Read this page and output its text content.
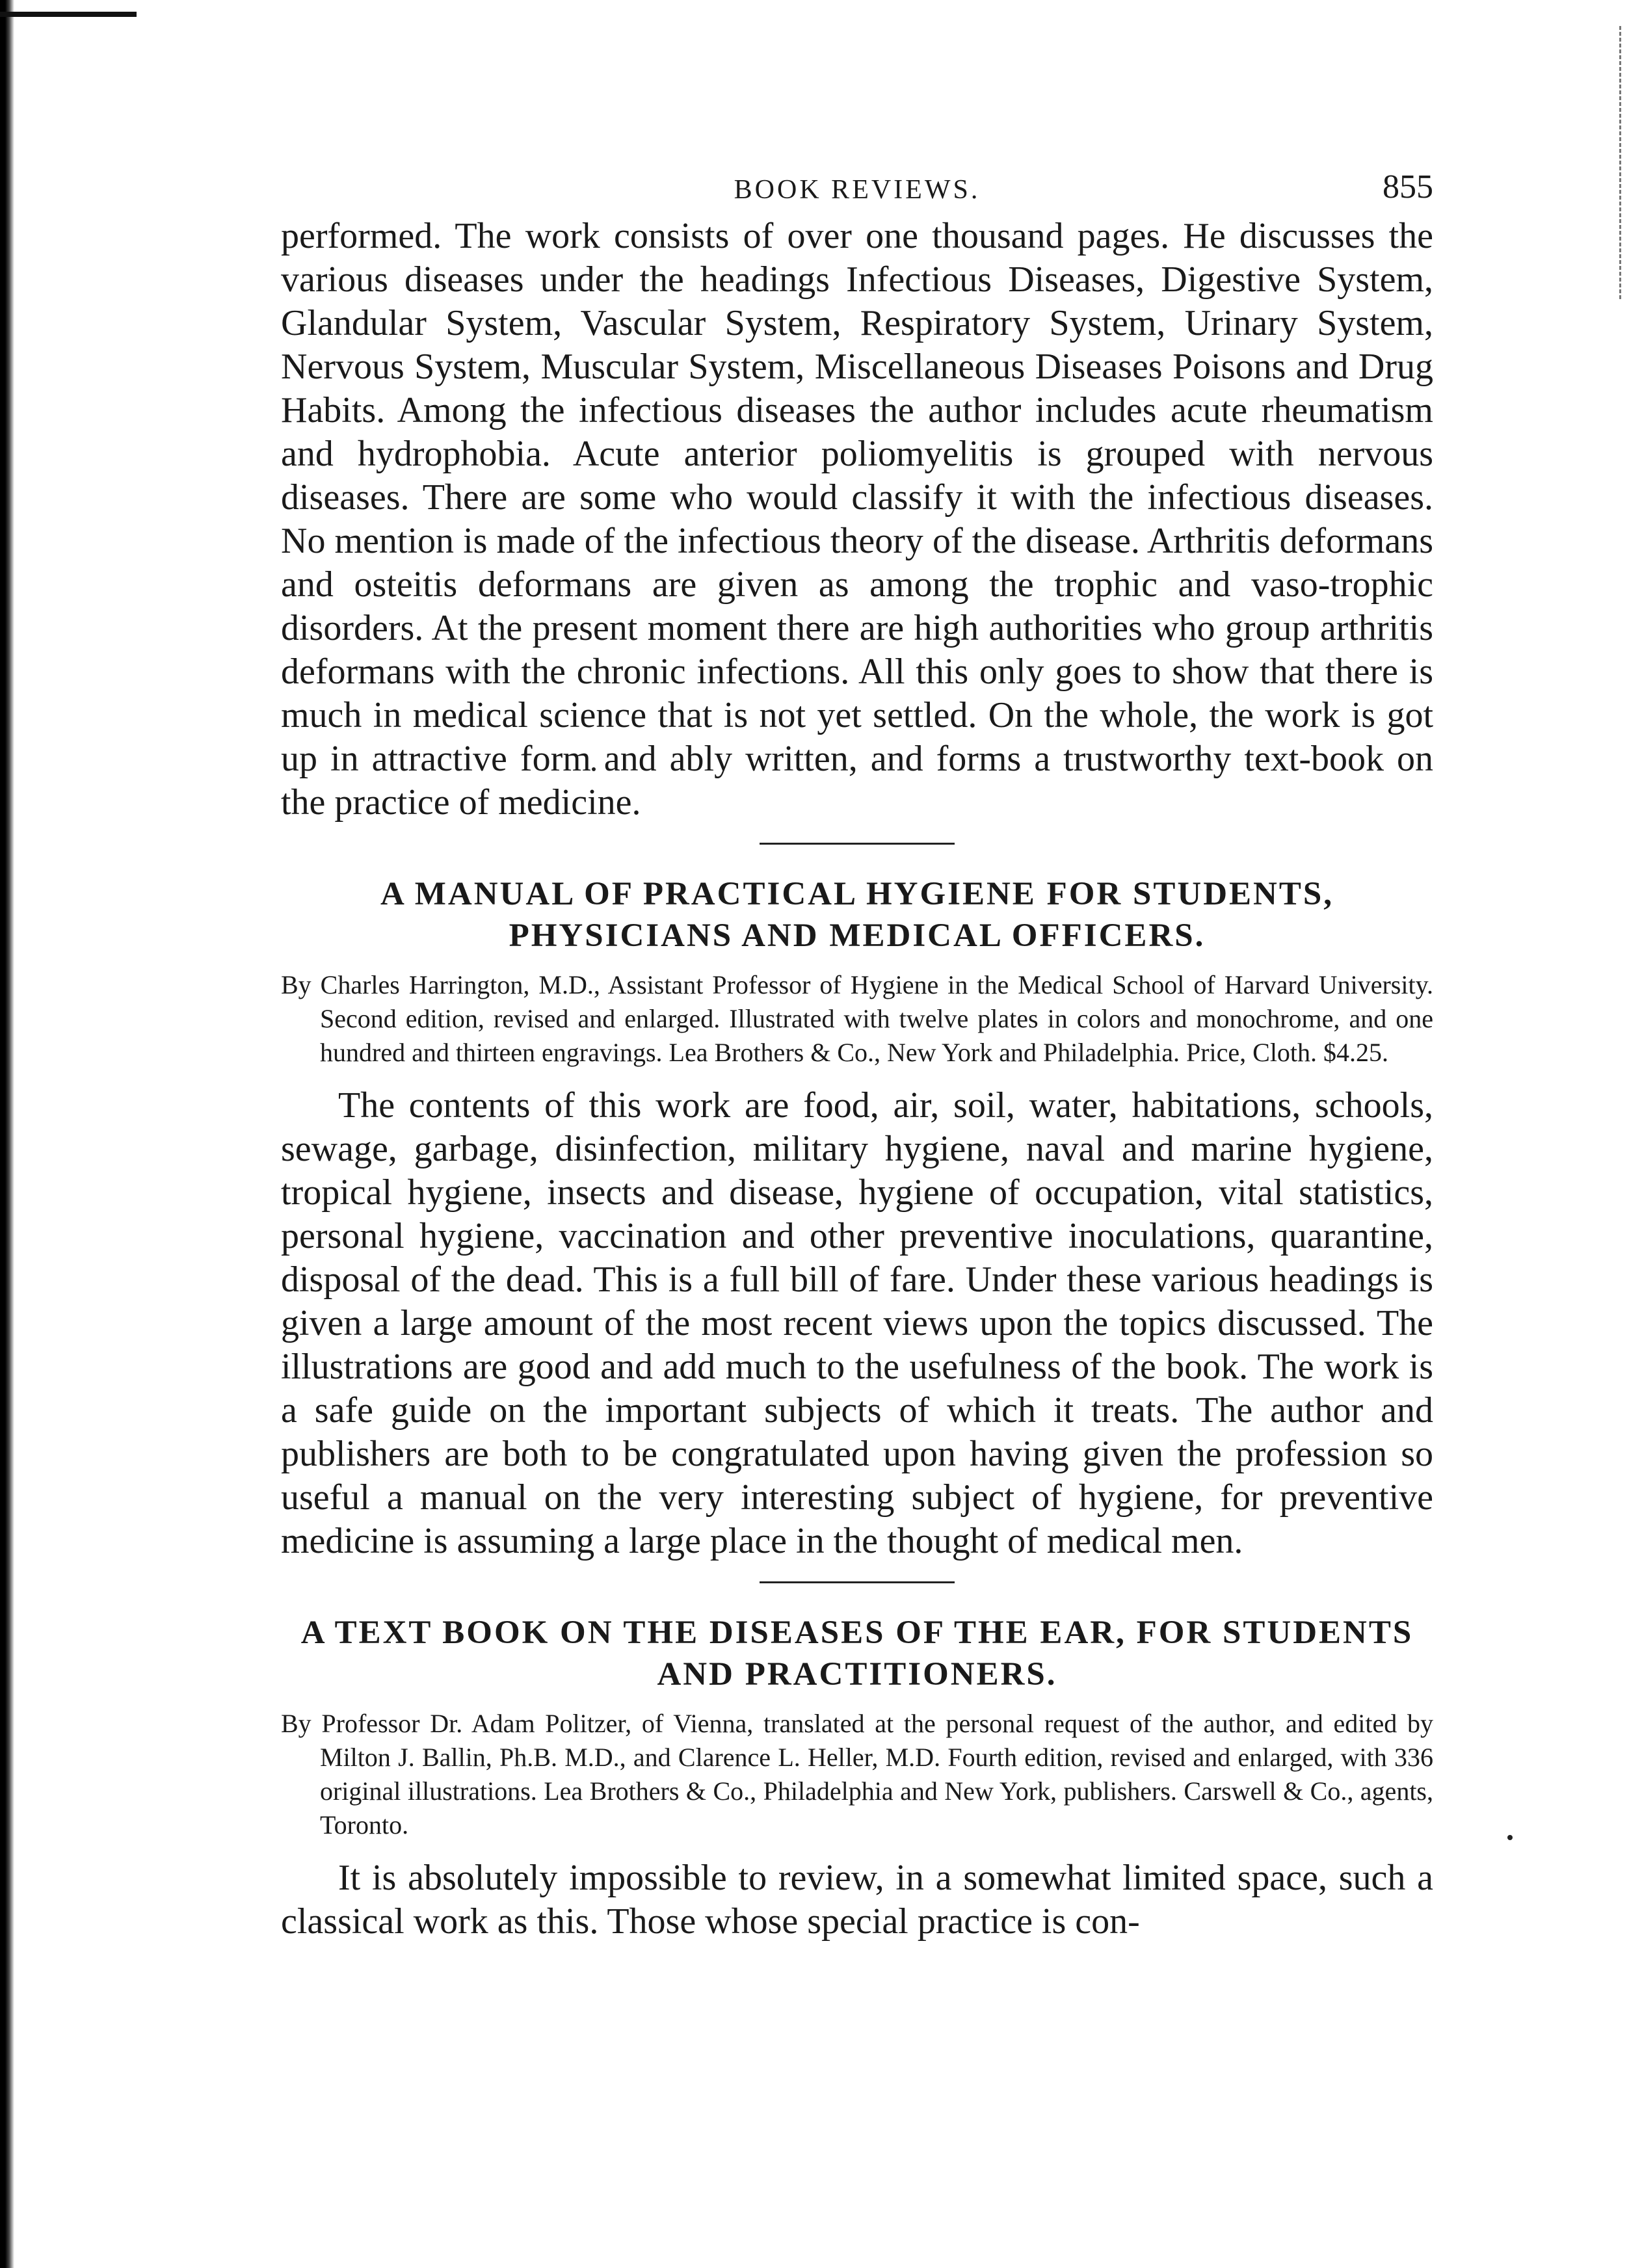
BOOK REVIEWS.	855

performed. The work consists of over one thousand pages. He discusses the various diseases under the headings Infectious Diseases, Digestive System, Glandular System, Vascular System, Respiratory System, Urinary System, Nervous System, Muscular System, Miscellaneous Diseases Poisons and Drug Habits. Among the infectious diseases the author includes acute rheumatism and hydrophobia. Acute anterior poliomyelitis is grouped with nervous diseases. There are some who would classify it with the infectious diseases. No mention is made of the infectious theory of the disease. Arthritis deformans and osteitis deformans are given as among the trophic and vaso-trophic disorders. At the present moment there are high authorities who group arthritis deformans with the chronic infections. All this only goes to show that there is much in medical science that is not yet settled. On the whole, the work is got up in attractive form and ably written, and forms a trustworthy text-book on the practice of medicine.

A MANUAL OF PRACTICAL HYGIENE FOR STUDENTS, PHYSICIANS AND MEDICAL OFFICERS.

By Charles Harrington, M.D., Assistant Professor of Hygiene in the Medical School of Harvard University. Second edition, revised and enlarged. Illustrated with twelve plates in colors and monochrome, and one hundred and thirteen engravings. Lea Brothers & Co., New York and Philadelphia. Price, Cloth. $4.25.

The contents of this work are food, air, soil, water, habitations, schools, sewage, garbage, disinfection, military hygiene, naval and marine hygiene, tropical hygiene, insects and disease, hygiene of occupation, vital statistics, personal hygiene, vaccination and other preventive inoculations, quarantine, disposal of the dead. This is a full bill of fare. Under these various headings is given a large amount of the most recent views upon the topics discussed. The illustrations are good and add much to the usefulness of the book. The work is a safe guide on the important subjects of which it treats. The author and publishers are both to be congratulated upon having given the profession so useful a manual on the very interesting subject of hygiene, for preventive medicine is assuming a large place in the thought of medical men.

A TEXT BOOK ON THE DISEASES OF THE EAR, FOR STUDENTS AND PRACTITIONERS.

By Professor Dr. Adam Politzer, of Vienna, translated at the personal request of the author, and edited by Milton J. Ballin, Ph.B. M.D., and Clarence L. Heller, M.D. Fourth edition, revised and enlarged, with 336 original illustrations. Lea Brothers & Co., Philadelphia and New York, publishers. Carswell & Co., agents, Toronto.

It is absolutely impossible to review, in a somewhat limited space, such a classical work as this. Those whose special practice is con-
